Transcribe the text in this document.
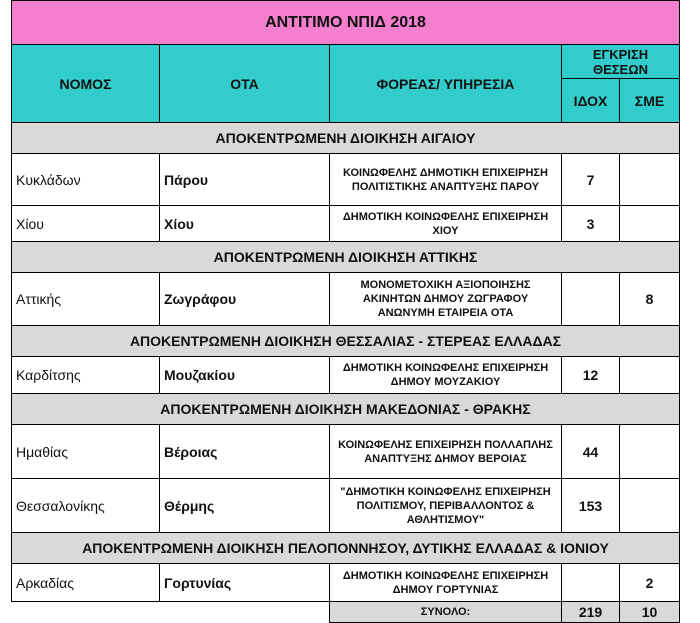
ΑΝΤΙΤΙΜΟ ΝΠΙΔ 2018				
ΝΟΜΟΣ	ΟΤΑ	ΦΟΡΕΑΣ/ ΥΠΗΡΕΣΙΑ	ΕΓΚΡΙΣΗ ΘΕΣΕΩΝ	
			ΙΔΟΧ	ΣΜΕ
ΑΠΟΚΕΝΤΡΩΜΕΝΗ ΔΙΟΙΚΗΣΗ ΑΙΓΑΙΟΥ				
Κυκλάδων	Πάρου	ΚΟΙΝΩΦΕΛΗΣ ΔΗΜΟΤΙΚΗ ΕΠΙΧΕΙΡΗΣΗ ΠΟΛΙΤΙΣΤΙΚΗΣ ΑΝΑΠΤΥΞΗΣ ΠΑΡΟΥ	7	
Χίου	Χίου	ΔΗΜΟΤΙΚΗ ΚΟΙΝΩΦΕΛΗΣ ΕΠΙΧΕΙΡΗΣΗ ΧΙΟΥ	3	
ΑΠΟΚΕΝΤΡΩΜΕΝΗ ΔΙΟΙΚΗΣΗ ΑΤΤΙΚΗΣ				
Αττικής	Ζωγράφου	ΜΟΝΟΜΕΤΟΧΙΚΗ ΑΞΙΟΠΟΙΗΣΗΣ ΑΚΙΝΗΤΩΝ ΔΗΜΟΥ ΖΩΓΡΑΦΟΥ ΑΝΩΝΥΜΗ ΕΤΑΙΡΕΙΑ ΟΤΑ		8
ΑΠΟΚΕΝΤΡΩΜΕΝΗ ΔΙΟΙΚΗΣΗ ΘΕΣΣΑΛΙΑΣ - ΣΤΕΡΕΑΣ ΕΛΛΑΔΑΣ				
Καρδίτσης	Μουζακίου	ΔΗΜΟΤΙΚΗ ΚΟΙΝΩΦΕΛΗΣ ΕΠΙΧΕΙΡΗΣΗ ΔΗΜΟΥ ΜΟΥΖΑΚΙΟΥ	12	
ΑΠΟΚΕΝΤΡΩΜΕΝΗ ΔΙΟΙΚΗΣΗ ΜΑΚΕΔΟΝΙΑΣ - ΘΡΑΚΗΣ				
Ημαθίας	Βέροιας	ΚΟΙΝΩΦΕΛΗΣ ΕΠΙΧΕΙΡΗΣΗ ΠΟΛΛΑΠΛΗΣ ΑΝΑΠΤΥΞΗΣ ΔΗΜΟΥ ΒΕΡΟΙΑΣ	44	
Θεσσαλονίκης	Θέρμης	"ΔΗΜΟΤΙΚΗ ΚΟΙΝΩΦΕΛΗΣ ΕΠΙΧΕΙΡΗΣΗ ΠΟΛΙΤΙΣΜΟΥ, ΠΕΡΙΒΑΛΛΟΝΤΟΣ & ΑΘΛΗΤΙΣΜΟΥ"	153	
ΑΠΟΚΕΝΤΡΩΜΕΝΗ ΔΙΟΙΚΗΣΗ ΠΕΛΟΠΟΝΝΗΣΟΥ, ΔΥΤΙΚΗΣ ΕΛΛΑΔΑΣ & ΙΟΝΙΟΥ				
Αρκαδίας	Γορτυνίας	ΔΗΜΟΤΙΚΗ ΚΟΙΝΩΦΕΛΗΣ ΕΠΙΧΕΙΡΗΣΗ ΔΗΜΟΥ ΓΟΡΤΥΝΙΑΣ		2
		ΣΥΝΟΛΟ:	219	10
